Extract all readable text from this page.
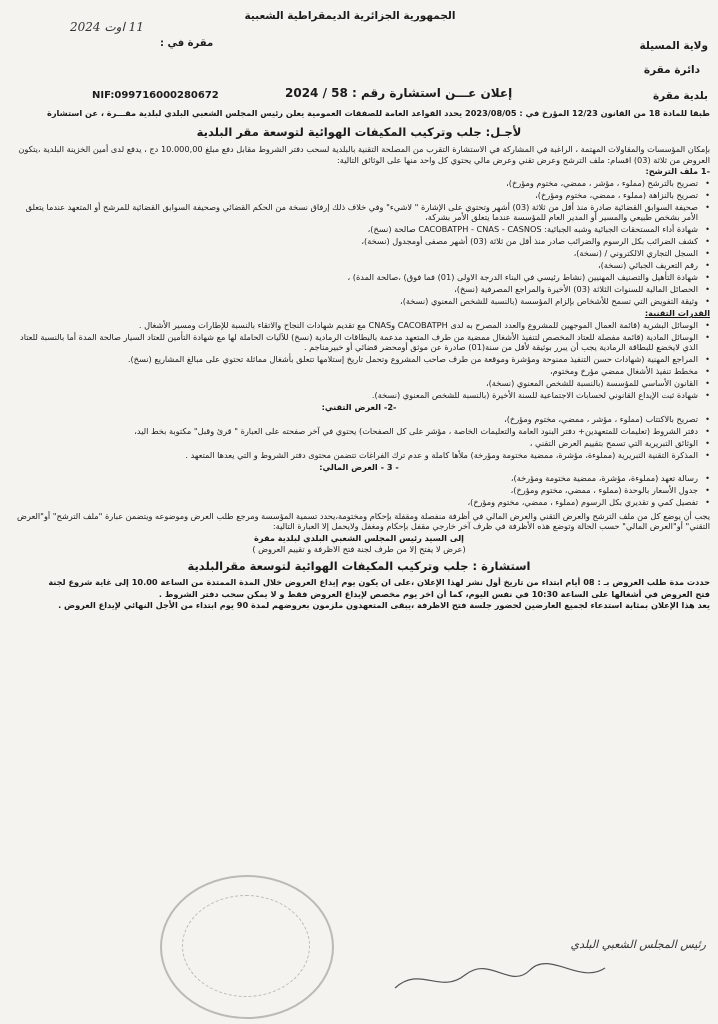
الجمهورية الجزائرية الديمقراطية الشعبية
11 اوت 2024
مقرة في :	ولاية المسيلة
دائرة مقرة
بلدية مقرة
NIF:099716000280672	إعلان عـــن استشارة رقم : 58 / 2024

طبقا للمادة 18 من القانون 12/23 المؤرخ في : 2023/08/05 يحدد القواعد العامة للصفقات العمومية يعلن رئيس المجلس الشعبي البلدي لبلدية مقـــرة ، عن استشارة

لأجـل: جلب وتركيب المكيفات الهوائية لتوسعة مقر البلدية

بإمكان المؤسسات والمقاولات المهتمة ، الراغبة في المشاركة في الاستشارة التقرب من المصلحة التقنية بالبلدية لسحب دفتر الشروط مقابل دفع مبلغ 10.000,00 دج ، يدفع لدى أمين الخزينة البلدية ،يتكون العروض من ثلاثة (03) اقسام: ملف الترشح وعرض تقني وعرض مالي يحتوي كل واحد منها على الوثائق التالية:

-1 ملف الترشح:

• تصريح بالترشح (مملوء ، مؤشر ، ممضي، مختوم ومؤرخ)،
• تصريح بالنزاهة (مملوء ، ممضي، مختوم ومؤرخ)،
• صحيفة السوابق القضائية صادرة منذ أقل من ثلاثة (03) أشهر وتحتوي على الإشارة " لاشيء" وفي خلاف ذلك إرفاق نسخة من الحكم القضائي وصحيفة السوابق القضائية للمرشح أو المتعهد عندما يتعلق الأمر بشخص طبيعي والمسير أو المدير العام للمؤسسة عندما يتعلق الأمر بشركة،
• شهادة أداء المستحقات الجبائية وشبه الجبائية: CACOBATPH - CNAS - CASNOS صالحة (نسخ)،
• كشف الضرائب بكل الرسوم والضرائب صادر منذ أقل من ثلاثة (03) أشهر مصفى أومجدول (نسخة)،
• السجل التجاري الالكتروني / (نسخة)،
• رقم التعريف الجبائي (نسخة)،
• شهادة التأهيل والتصنيف المهنيين (نشاط رئيسي في البناء الدرجة الاولى (01) فما فوق) ،صالحة المدة) ،
• الحصائل المالية للسنوات الثلاثة (03) الأخيرة والمراجع المصرفية (نسخ)،
• وثيقة التفويض التي تسمح للأشخاص بإلزام المؤسسة (بالنسبة للشخص المعنوي (نسخة)،

القدرات التقنية:

• الوسائل البشرية (قائمة العمال الموجهين للمشروع والعدد المصرح به لدى CACOBATPH وCNAS مع تقديم شهادات النجاح والاتقاء بالنسبة للإطارات ومسير الأشغال .
• الوسائل المادية (قائمة مفصلة للعتاد المخصص لتنفيذ الأشغال ممضية من طرف المتعهد مدعمة بالبطاقات الرمادية (نسخ) للآليات الحاملة لها مع شهادة التأمين للعتاد السيار صالحة المدة أما بالنسبة للعتاد الذي لايخضع للبطاقة الرمادية يجب أن يبرر بوثيقة لأقل من سنة(01) صادرة عن موثق أومحضر قضائي أو خبيرمناجم .
• المراجع المهنية (شهادات حسن التنفيذ ممنوحة ومؤشرة وموقعة من طرف صاحب المشروع وتحمل تاريخ إستلامها تتعلق بأشغال مماثلة تحتوي على مبالغ المشاريع (نسخ).
• مخطط تنفيذ الأشغال ممضي مؤرخ ومختوم،
• القانون الأساسي للمؤسسة (بالنسبة للشخص المعنوي (نسخة)،
• شهادة ثبت الإيداع القانوني لحسابات الاجتماعية للسنة الأخيرة (بالنسبة للشخص المعنوي (نسخة).

-2- العرض التقني:

• تصريح بالاكتتاب (مملوء ، مؤشر ، ممضي، مختوم ومؤرخ)،
• دفتر الشروط (تعليمات للمتعهدين+ دفتر البنود العامة والتعليمات الخاصة ، مؤشر على كل الصفحات) يحتوي في آخر صفحته على العبارة " قرئ وقبل" مكتوبة بخط اليد،
• الوثائق التبريرية التي تسمح بتقييم العرض التقني ،
• المذكرة التقنية التبريرية (مملوءة، مؤشرة، ممضية مختومة ومؤرخة) ملأها كاملة و عدم ترك الفراغات تتضمن محتوى دفتر الشروط و التي يعدها المتعهد .

- 3 - العرض المالي:

• رسالة تعهد (مملوءة، مؤشرة، ممضية مختومة ومؤرخة)،
• جدول الأسعار بالوحدة (مملوء ، ممضي، مختوم ومؤرخ)،
• تفصيل كمي و تقديري بكل الرسوم (مملوء ، ممضي، مختوم ومؤرخ)،

يجب أن يوضع كل من ملف الترشح والعرض التقني والعرض المالي في أظرفة منفصلة ومقفلة بإحكام ومختومة،يحدد تسمية المؤسسة ومرجع طلب العرض وموضوعه ويتضمن عبارة "ملف الترشح" أو"العرض التقني" أو"العرض المالي" حسب الحالة وتوضع هذه الأظرفة في ظرف آخر خارجي مقفل بإحكام ومغفل ولايحمل إلا العبارة التالية:

إلى السيد رئيس المجلس الشعبي البلدي لبلدية مقرة

(عرض لا يفتح إلا من طرف لجنة فتح الاظرفة و تقييم العروض )

استشارة : جلب وتركيب المكيفات الهوائية لتوسعة مقرالبلدية

حددت مدة طلب العروض بـ : 08 أيام ابتداء من تاريخ أول نشر لهذا الإعلان ،على ان يكون يوم إيداع العروض خلال المدة الممتدة من الساعة 10.00 إلى غاية شروع لجنة

فتح العروض في أشغالها على الساعة 10:30 في نفس اليوم، كما أن اخر يوم مخصص لإيداع العروض فقط و لا يمكن سحب دفتر الشروط .

يعد هذا الإعلان بمثابة استدعاء لجميع العارضين لحضور جلسة فتح الاظرفة ،يبقى المتعهدون ملزمون بعروضهم لمدة 90 يوم ابتداء من الأجل النهائي لإيداع العروض .

رئيس المجلس الشعبي البلدي
